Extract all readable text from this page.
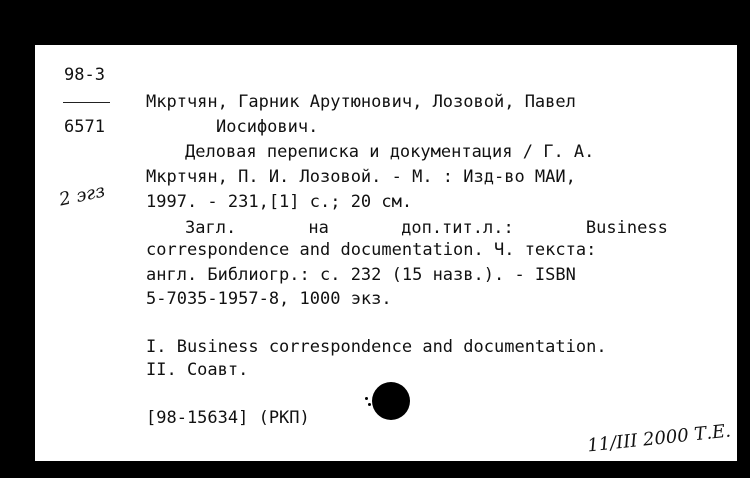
98-3
6571
2 эгз
Мкртчян, Гарник Арутюнович, Лозовой, Павел
Иосифович.
Деловая переписка и документация / Г. А.
Мкртчян, П. И. Лозовой. - М. : Изд-во МАИ,
1997. - 231,[1] с.; 20 см.
Загл. на доп.тит.л.: Business
correspondence and documentation. Ч. текста:
англ. Библиогр.: с. 232 (15 назв.). - ISBN
5-7035-1957-8, 1000 экз.
I. Business correspondence and documentation.
II. Соавт.
[98-15634] (РКП)
11/III 2000 Т.Е.
